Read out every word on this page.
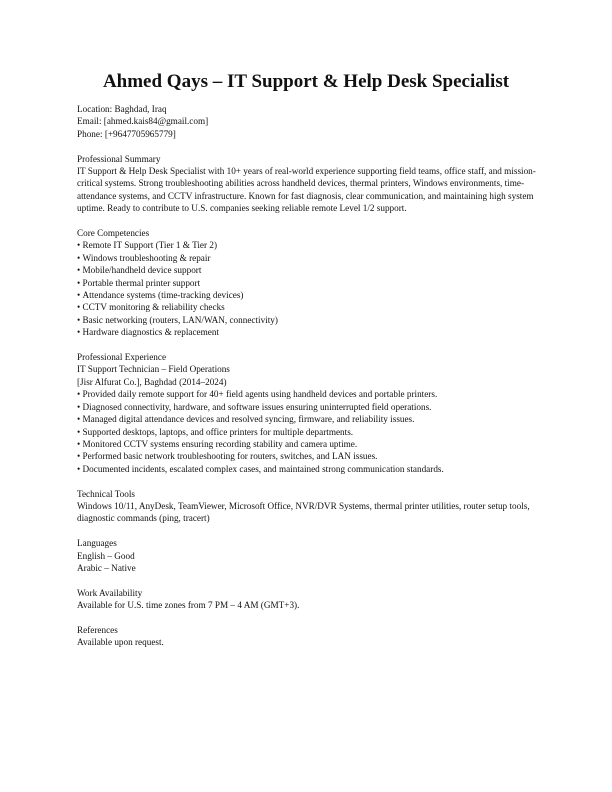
Ahmed Qays – IT Support & Help Desk Specialist
Location: Baghdad, Iraq
Email: [ahmed.kais84@gmail.com]
Phone: [+9647705965779]
Professional Summary
IT Support & Help Desk Specialist with 10+ years of real-world experience supporting field teams, office staff, and mission-critical systems. Strong troubleshooting abilities across handheld devices, thermal printers, Windows environments, time-attendance systems, and CCTV infrastructure. Known for fast diagnosis, clear communication, and maintaining high system uptime. Ready to contribute to U.S. companies seeking reliable remote Level 1/2 support.
Core Competencies
• Remote IT Support (Tier 1 & Tier 2)
• Windows troubleshooting & repair
• Mobile/handheld device support
• Portable thermal printer support
• Attendance systems (time-tracking devices)
• CCTV monitoring & reliability checks
• Basic networking (routers, LAN/WAN, connectivity)
• Hardware diagnostics & replacement
Professional Experience
IT Support Technician – Field Operations
[Jisr Alfurat Co.], Baghdad (2014–2024)
• Provided daily remote support for 40+ field agents using handheld devices and portable printers.
• Diagnosed connectivity, hardware, and software issues ensuring uninterrupted field operations.
• Managed digital attendance devices and resolved syncing, firmware, and reliability issues.
• Supported desktops, laptops, and office printers for multiple departments.
• Monitored CCTV systems ensuring recording stability and camera uptime.
• Performed basic network troubleshooting for routers, switches, and LAN issues.
• Documented incidents, escalated complex cases, and maintained strong communication standards.
Technical Tools
Windows 10/11, AnyDesk, TeamViewer, Microsoft Office, NVR/DVR Systems, thermal printer utilities, router setup tools, diagnostic commands (ping, tracert)
Languages
English – Good
Arabic – Native
Work Availability
Available for U.S. time zones from 7 PM – 4 AM (GMT+3).
References
Available upon request.
